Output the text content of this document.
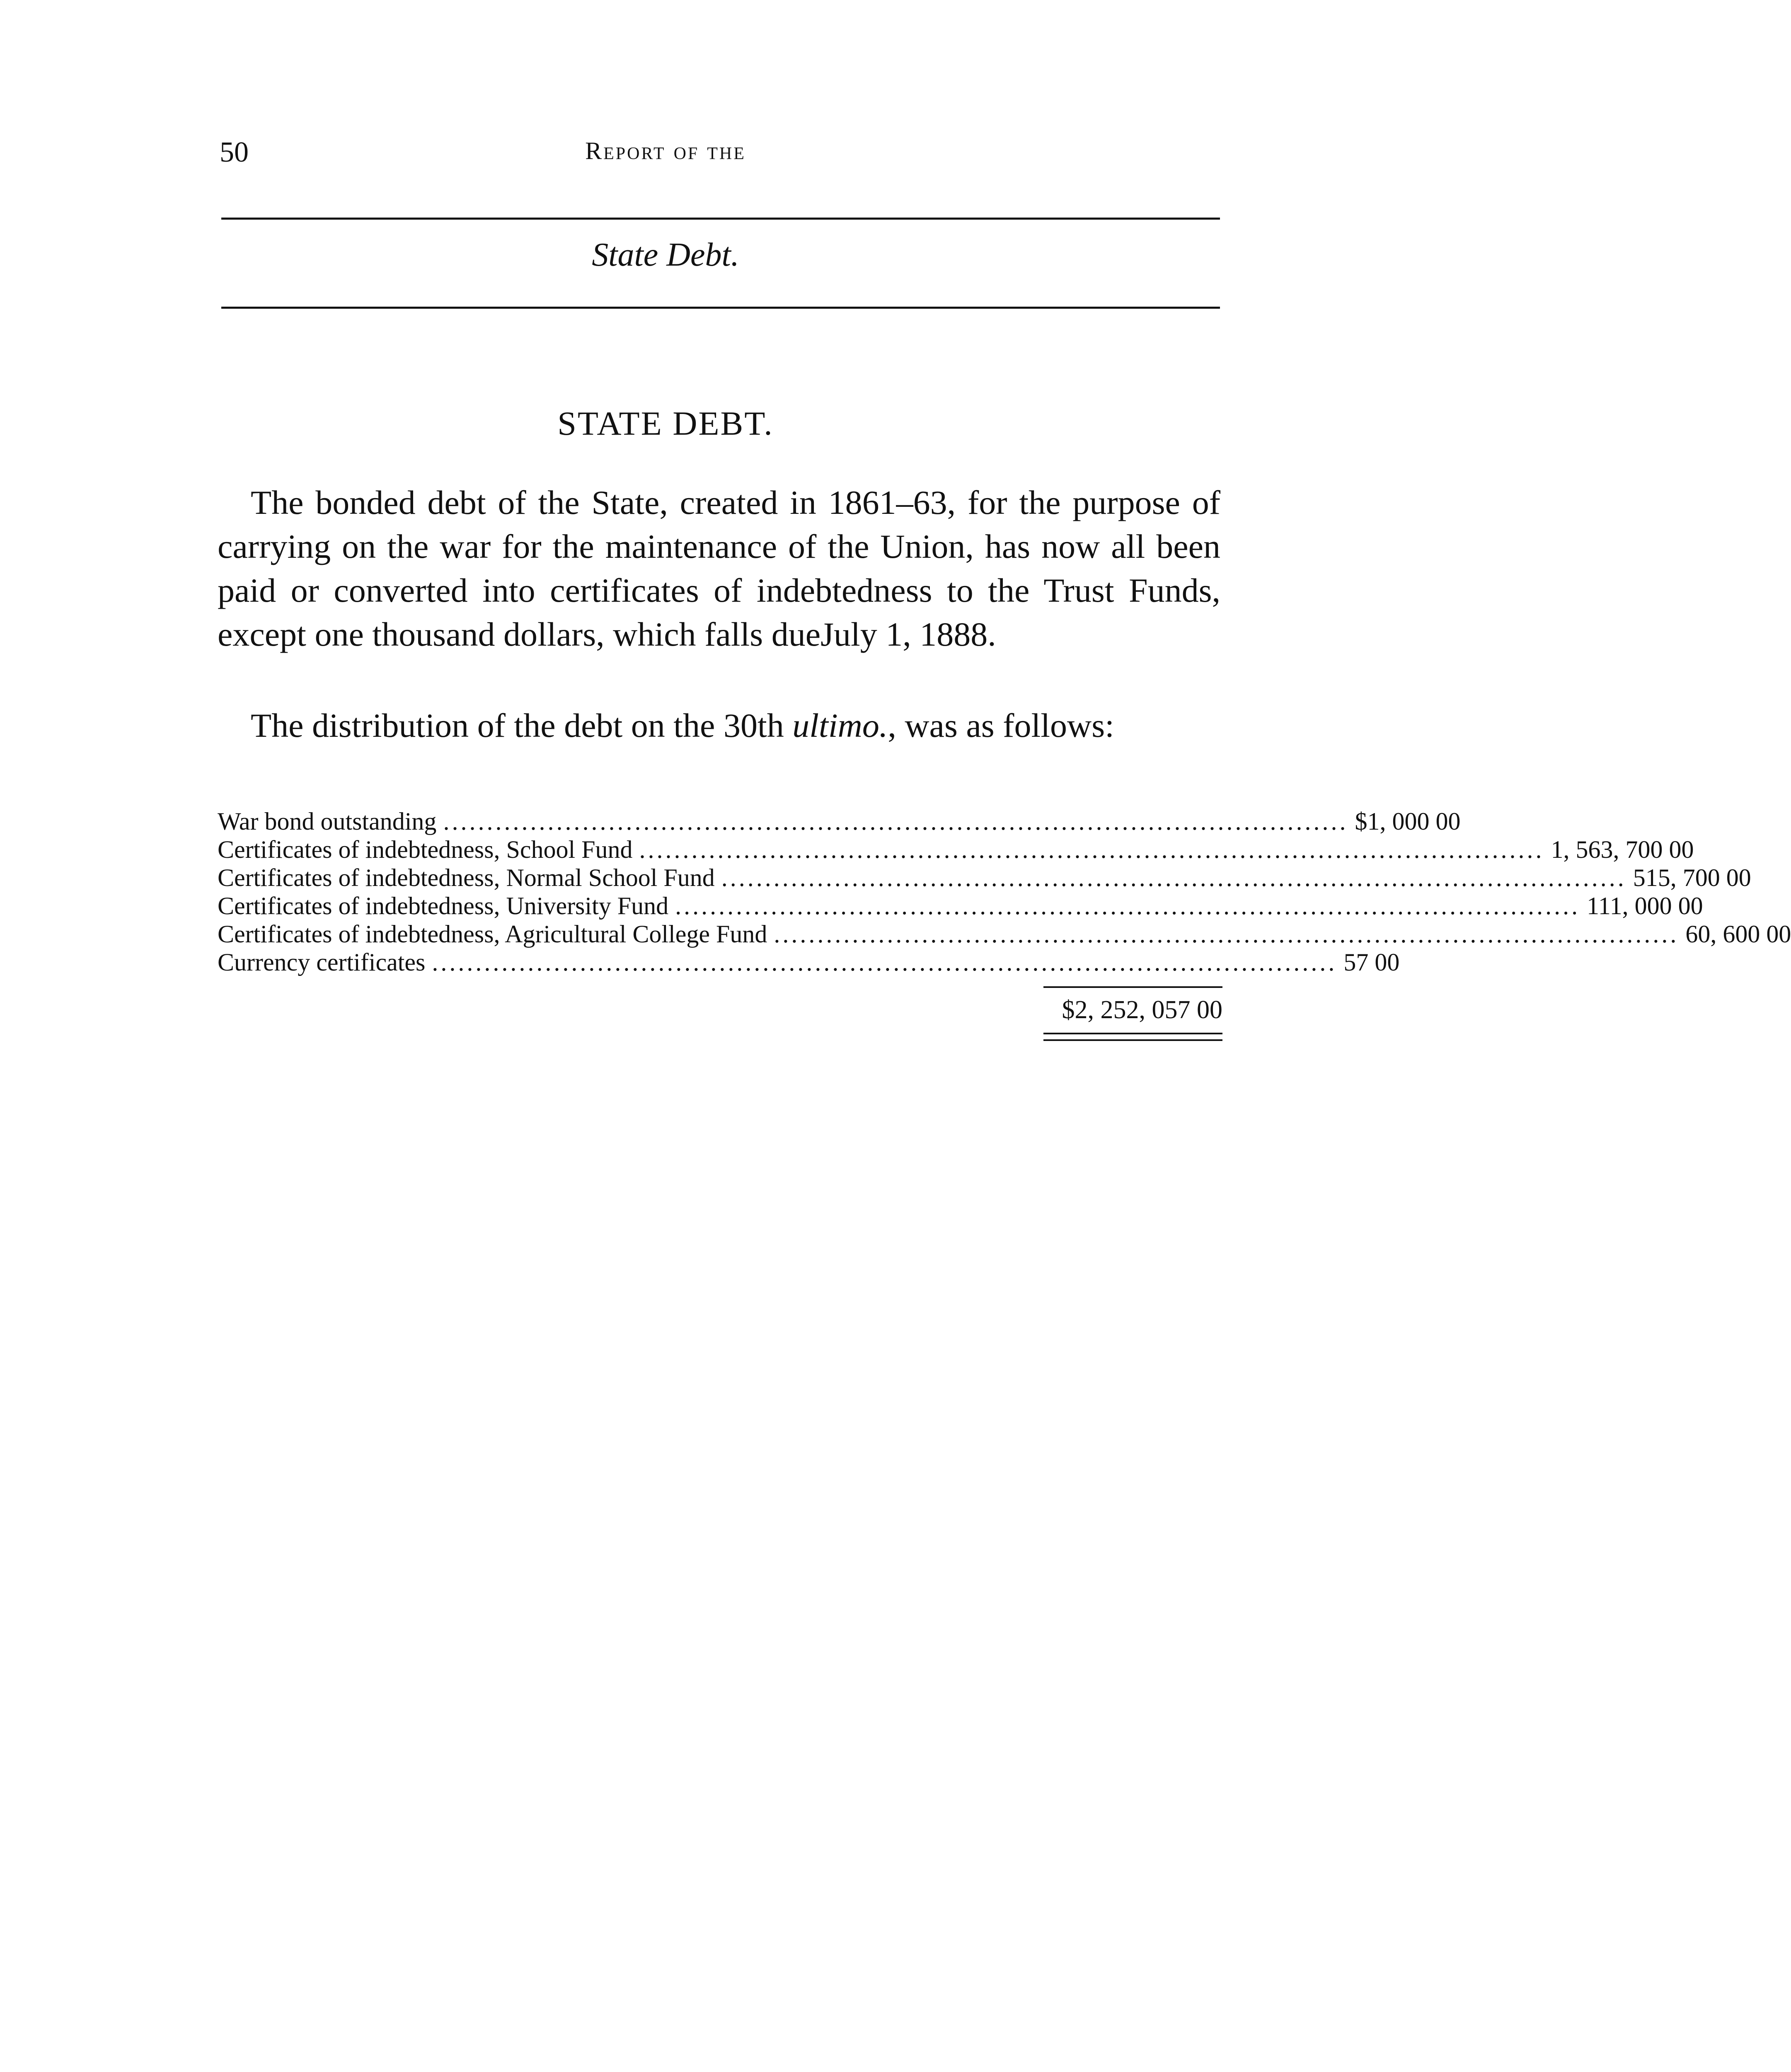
50	Report of the
State Debt.
STATE DEBT.

The bonded debt of the State, created in 1861–63, for the purpose of carrying on the war for the maintenance of the Union, has now all been paid or converted into certificates of indebtedness to the Trust Funds, except one thousand dollars, which falls dueJuly 1, 1888.

The distribution of the debt on the 30th ultimo., was as follows:

War bond outstanding ........................................................................................................ $1, 000 00
Certificates of indebtedness, School Fund ........................................................................................................ 1, 563, 700 00
Certificates of indebtedness, Normal School Fund ........................................................................................................ 515, 700 00
Certificates of indebtedness, University Fund ........................................................................................................ 111, 000 00
Certificates of indebtedness, Agricultural College Fund ........................................................................................................ 60, 600 00
Currency certificates ........................................................................................................ 57 00
$2, 252, 057 00
